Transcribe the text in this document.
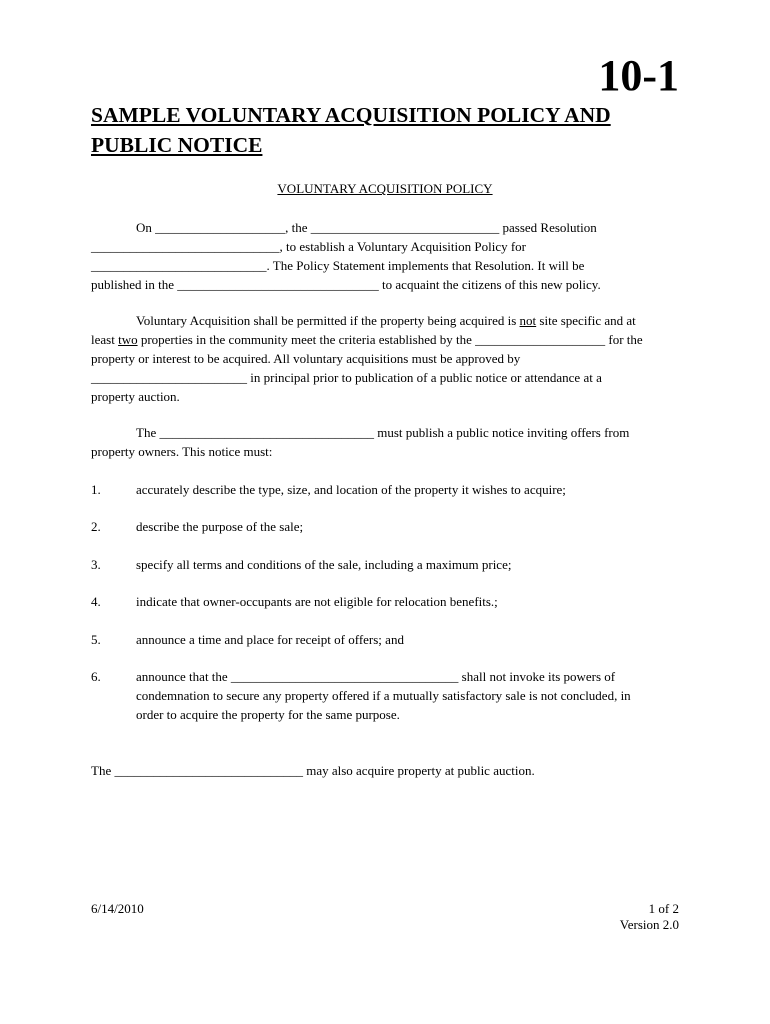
10-1
SAMPLE VOLUNTARY ACQUISITION POLICY AND
PUBLIC NOTICE
VOLUNTARY ACQUISITION POLICY
On ____________________, the _____________________________ passed Resolution
_____________________________, to establish a Voluntary Acquisition Policy for
___________________________. The Policy Statement implements that Resolution. It will be
published in the _______________________________ to acquaint the citizens of this new policy.
Voluntary Acquisition shall be permitted if the property being acquired is not site specific and at
least two properties in the community meet the criteria established by the ____________________ for the
property or interest to be acquired. All voluntary acquisitions must be approved by
________________________ in principal prior to publication of a public notice or attendance at a
property auction.
The _________________________________ must publish a public notice inviting offers from
property owners. This notice must:
1.	accurately describe the type, size, and location of the property it wishes to acquire;
2.	describe the purpose of the sale;
3.	specify all terms and conditions of the sale, including a maximum price;
4.	indicate that owner-occupants are not eligible for relocation benefits.;
5.	announce a time and place for receipt of offers; and
6.	announce that the ___________________________________ shall not invoke its powers of
condemnation to secure any property offered if a mutually satisfactory sale is not concluded, in
order to acquire the property for the same purpose.
The _____________________________ may also acquire property at public auction.
6/14/2010	1 of 2
Version 2.0
